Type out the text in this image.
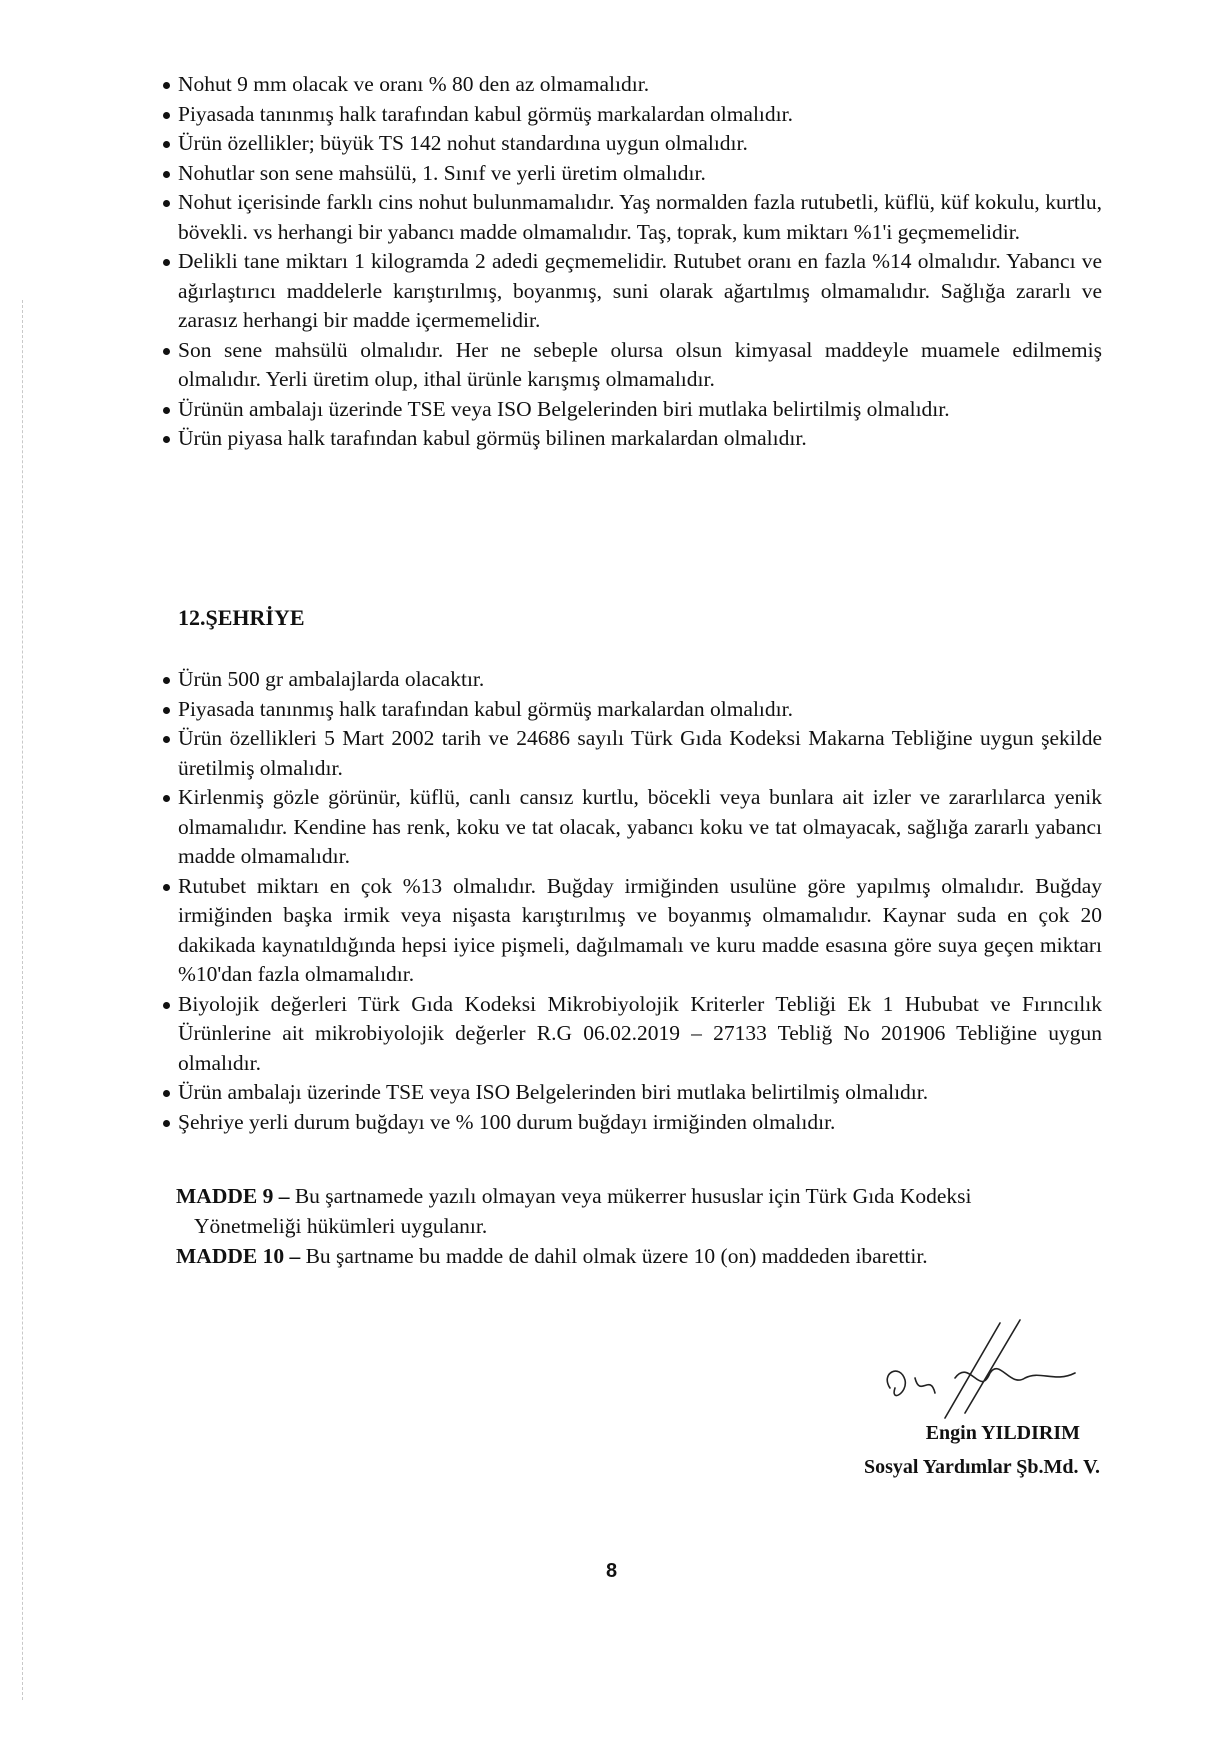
Nohut 9 mm olacak ve oranı % 80 den az olmamalıdır.
Piyasada tanınmış halk tarafından kabul görmüş markalardan olmalıdır.
Ürün özellikler; büyük TS 142 nohut standardına uygun olmalıdır.
Nohutlar son sene mahsülü, 1. Sınıf ve yerli üretim olmalıdır.
Nohut içerisinde farklı cins nohut bulunmamalıdır. Yaş normalden fazla rutubetli, küflü, küf kokulu, kurtlu, bövekli. vs herhangi bir yabancı madde olmamalıdır. Taş, toprak, kum miktarı %1'i geçmemelidir.
Delikli tane miktarı 1 kilogramda 2 adedi geçmemelidir. Rutubet oranı en fazla %14 olmalıdır. Yabancı ve ağırlaştırıcı maddelerle karıştırılmış, boyanmış, suni olarak ağartılmış olmamalıdır. Sağlığa zararlı ve zarasız herhangi bir madde içermemelidir.
Son sene mahsülü olmalıdır. Her ne sebeple olursa olsun kimyasal maddeyle muamele edilmemiş olmalıdır. Yerli üretim olup, ithal ürünle karışmış olmamalıdır.
Ürünün ambalajı üzerinde TSE veya ISO Belgelerinden biri mutlaka belirtilmiş olmalıdır.
Ürün piyasa halk tarafından kabul görmüş bilinen markalardan olmalıdır.
12.ŞEHRİYE
Ürün 500 gr ambalajlarda olacaktır.
Piyasada tanınmış halk tarafından kabul görmüş markalardan olmalıdır.
Ürün özellikleri 5 Mart 2002 tarih ve 24686 sayılı Türk Gıda Kodeksi Makarna Tebliğine uygun şekilde üretilmiş olmalıdır.
Kirlenmiş gözle görünür, küflü, canlı cansız kurtlu, böcekli veya bunlara ait izler ve zararlılarca yenik olmamalıdır. Kendine has renk, koku ve tat olacak, yabancı koku ve tat olmayacak, sağlığa zararlı yabancı madde olmamalıdır.
Rutubet miktarı en çok %13 olmalıdır. Buğday irmiğinden usulüne göre yapılmış olmalıdır. Buğday irmiğinden başka irmik veya nişasta karıştırılmış ve boyanmış olmamalıdır. Kaynar suda en çok 20 dakikada kaynatıldığında hepsi iyice pişmeli, dağılmamalı ve kuru madde esasına göre suya geçen miktarı %10'dan fazla olmamalıdır.
Biyolojik değerleri Türk Gıda Kodeksi Mikrobiyolojik Kriterler Tebliği Ek 1 Hububat ve Fırıncılık Ürünlerine ait mikrobiyolojik değerler R.G 06.02.2019 – 27133 Tebliğ No 201906 Tebliğine uygun olmalıdır.
Ürün ambalajı üzerinde TSE veya ISO Belgelerinden biri mutlaka belirtilmiş olmalıdır.
Şehriye yerli durum buğdayı ve % 100 durum buğdayı irmiğinden olmalıdır.

MADDE 9 – Bu şartnamede yazılı olmayan veya mükerrer hususlar için Türk Gıda Kodeksi
Yönetmeliği hükümleri uygulanır.

MADDE 10 – Bu şartname bu madde de dahil olmak üzere 10 (on) maddeden ibarettir.

Engin YILDIRIM
Sosyal Yardımlar Şb.Md. V.
8
